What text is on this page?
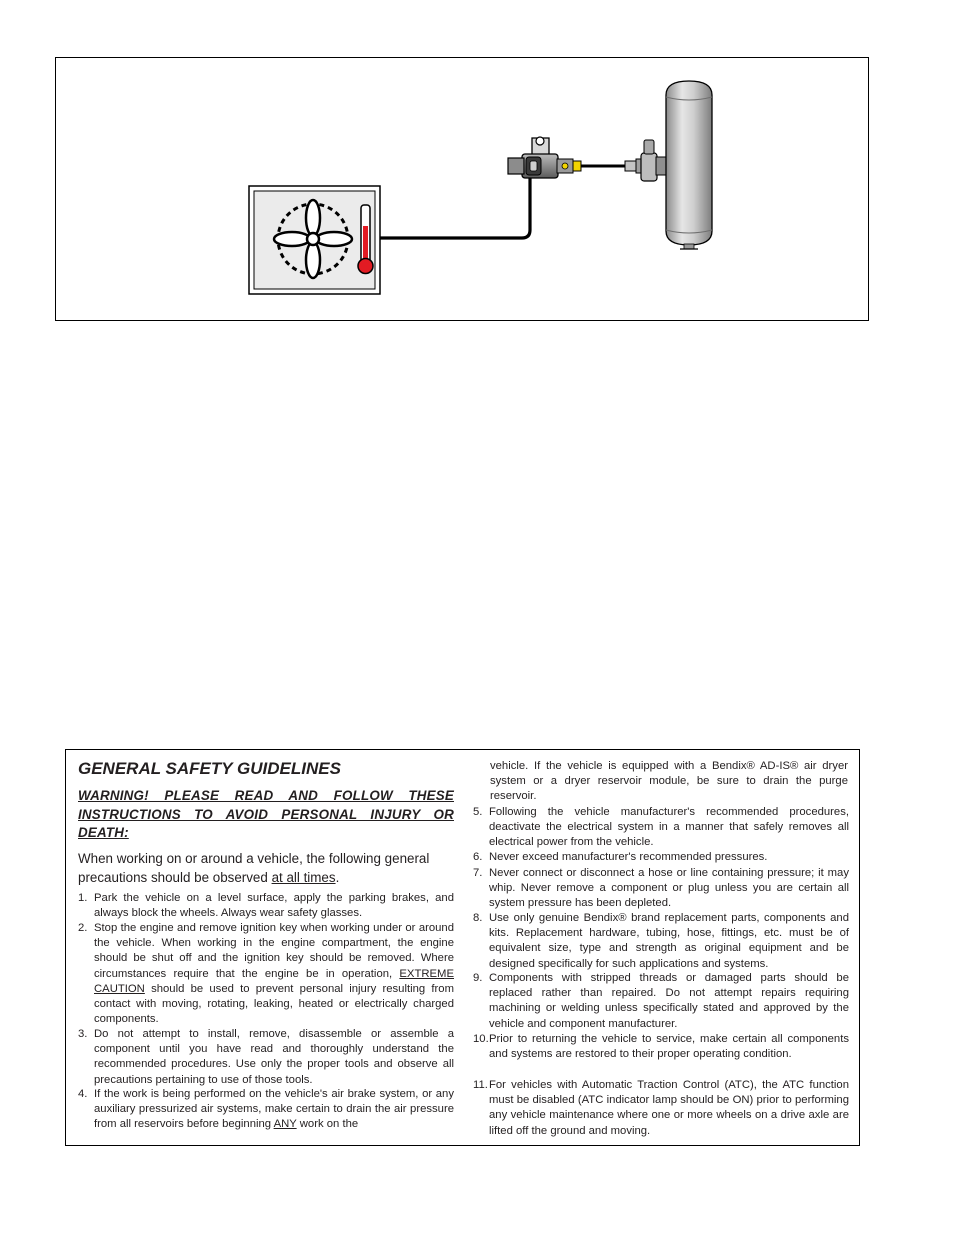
GENERAL SAFETY GUIDELINES
WARNING! PLEASE READ AND FOLLOW THESE INSTRUCTIONS TO AVOID PERSONAL INJURY OR DEATH:
When working on or around a vehicle, the following general precautions should be observed at all times.
1. Park the vehicle on a level surface, apply the parking brakes, and always block the wheels. Always wear safety glasses.
2. Stop the engine and remove ignition key when working under or around the vehicle. When working in the engine compartment, the engine should be shut off and the ignition key should be removed. Where circumstances require that the engine be in operation, EXTREME CAUTION should be used to prevent personal injury resulting from contact with moving, rotating, leaking, heated or electrically charged components.
3. Do not attempt to install, remove, disassemble or assemble a component until you have read and thoroughly understand the recommended procedures. Use only the proper tools and observe all precautions pertaining to use of those tools.
4. If the work is being performed on the vehicle's air brake system, or any auxiliary pressurized air systems, make certain to drain the air pressure from all reservoirs before beginning ANY work on the
vehicle. If the vehicle is equipped with a Bendix® AD-IS® air dryer system or a dryer reservoir module, be sure to drain the purge reservoir.
5. Following the vehicle manufacturer's recommended procedures, deactivate the electrical system in a manner that safely removes all electrical power from the vehicle.
6. Never exceed manufacturer's recommended pressures.
7. Never connect or disconnect a hose or line containing pressure; it may whip. Never remove a component or plug unless you are certain all system pressure has been depleted.
8. Use only genuine Bendix® brand replacement parts, components and kits. Replacement hardware, tubing, hose, fittings, etc. must be of equivalent size, type and strength as original equipment and be designed specifically for such applications and systems.
9. Components with stripped threads or damaged parts should be replaced rather than repaired. Do not attempt repairs requiring machining or welding unless specifically stated and approved by the vehicle and component manufacturer.
10. Prior to returning the vehicle to service, make certain all components and systems are restored to their proper operating condition.
11. For vehicles with Automatic Traction Control (ATC), the ATC function must be disabled (ATC indicator lamp should be ON) prior to performing any vehicle maintenance where one or more wheels on a drive axle are lifted off the ground and moving.
